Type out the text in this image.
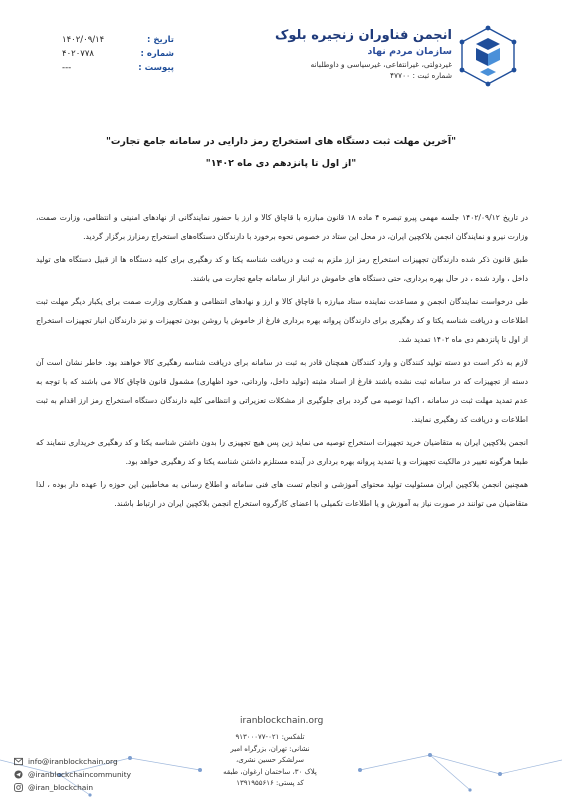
تاریخ :
۱۴۰۲/۰۹/۱۴
شماره :
۴۰۲۰۷۷۸
پیوست :
---
انجمن فناوران زنجیره بلوک
سازمان مردم نهاد
غیردولتی، غیرانتفاعی، غیرسیاسی و داوطلبانه
شماره ثبت : ۴۷۷۰۰
"آخرین مهلت ثبت دستگاه های استخراج رمز دارایی در سامانه جامع تجارت"
"از اول تا پانزدهم دی ماه ۱۴۰۲"

در تاریخ ۱۴۰۲/۰۹/۱۲ جلسه مهمی پیرو تبصره ۴ ماده ۱۸ قانون مبارزه با قاچاق کالا و ارز با حضور نمایندگانی از نهادهای امنیتی و انتظامی، وزارت صمت، وزارت نیرو و نمایندگان انجمن بلاکچین ایران، در محل این ستاد در خصوص نحوه برخورد با دارندگان دستگاه‌های استخراج رمزارز برگزار گردید.

طبق قانون ذکر شده دارندگان تجهیزات استخراج رمز ارز ملزم به ثبت و دریافت شناسه یکتا و کد رهگیری برای کلیه دستگاه ها از قبیل دستگاه های تولید داخل ، وارد شده ، در حال بهره برداری، حتی دستگاه های خاموش در انبار از سامانه جامع تجارت می باشند.

طی درخواست نمایندگان انجمن و مساعدت نماینده ستاد مبارزه با قاچاق کالا و ارز و نهادهای انتظامی و همکاری وزارت صمت برای یکبار دیگر مهلت ثبت اطلاعات و دریافت شناسه یکتا و کد رهگیری برای دارندگان پروانه بهره برداری فارغ از خاموش یا روشن بودن تجهیزات و نیز دارندگان انبار تجهیزات استخراج از اول تا پانزدهم دی ماه ۱۴۰۲ تمدید شد.

لازم به ذکر است دو دسته تولید کنندگان و وارد کنندگان همچنان قادر به ثبت در سامانه برای دریافت شناسه رهگیری کالا خواهند بود. خاطر نشان است آن دسته از تجهیزات که در سامانه ثبت نشده باشند فارغ از اسناد مثبته (تولید داخل، وارداتی، خود اظهاری) مشمول قانون قاچاق کالا می باشند که با توجه به عدم تمدید مهلت ثبت در سامانه ، اکیدا توصیه می گردد برای جلوگیری از مشکلات تعزیراتی و انتظامی کلیه دارندگان دستگاه استخراج رمز ارز اقدام به ثبت اطلاعات و دریافت کد رهگیری نمایند.

انجمن بلاکچین ایران به متقاضیان خرید تجهیزات استخراج توصیه می نماید زین پس هیچ تجهیزی را بدون داشتن شناسه یکتا و کد رهگیری خریداری ننمایند که طبعا هرگونه تغییر در مالکیت تجهیزات و یا تمدید پروانه بهره برداری در آینده مستلزم داشتن شناسه یکتا و کد رهگیری خواهد بود.

همچنین انجمن بلاکچین ایران مسئولیت تولید محتوای آموزشی و انجام تست های فنی سامانه و اطلاع رسانی به مخاطبین این حوزه را عهده دار بوده ، لذا متقاضیان می توانند در صورت نیاز به آموزش و یا اطلاعات تکمیلی با اعضای کارگروه استخراج انجمن بلاکچین ایران در ارتباط باشند.

iranblockchain.org
تلفکس: ۰۲۱-۹۱۳۰۰۰۷۷
نشانی: تهران، بزرگراه امیر
سرلشکر حسین نشری،
پلاک ۳۰، ساختمان ارغوان، طبقه
کد پستی: ۱۳۹۱۹۵۵۶۱۶
info@iranblockchain.org
@iranblockchaincommunity
@iran_blockchain
